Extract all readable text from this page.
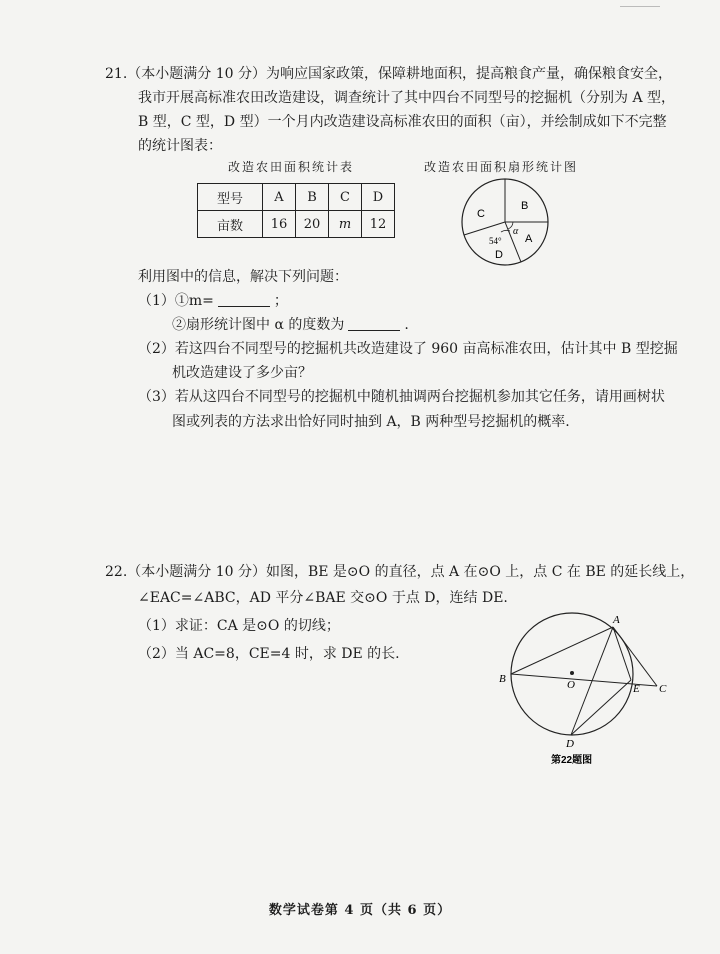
21.（本小题满分 10 分）为响应国家政策，保障耕地面积，提高粮食产量，确保粮食安全，
我市开展高标准农田改造建设，调查统计了其中四台不同型号的挖掘机（分别为 A 型，
B 型，C 型，D 型）一个月内改造建设高标准农田的面积（亩），并绘制成如下不完整
的统计图表：
改造农田面积统计表	改造农田面积扇形统计图
型号	A	B	C	D
亩数	16	20	m	12
B
C
A
D
54°
α
利用图中的信息，解决下列问题：
（1）①m=	；
②扇形统计图中 α 的度数为	.
（2）若这四台不同型号的挖掘机共改造建设了 960 亩高标准农田，估计其中 B 型挖掘
机改造建设了多少亩？
（3）若从这四台不同型号的挖掘机中随机抽调两台挖掘机参加其它任务，请用画树状
图或列表的方法求出恰好同时抽到 A，B 两种型号挖掘机的概率.
22.（本小题满分 10 分）如图，BE 是⊙O 的直径，点 A 在⊙O 上，点 C 在 BE 的延长线上，
∠EAC=∠ABC，AD 平分∠BAE 交⊙O 于点 D，连结 DE.
（1）求证：CA 是⊙O 的切线；
（2）当 AC=8，CE=4 时，求 DE 的长.
A
B	O	E C
D
第22题图
数学试卷第 4 页（共 6 页）
